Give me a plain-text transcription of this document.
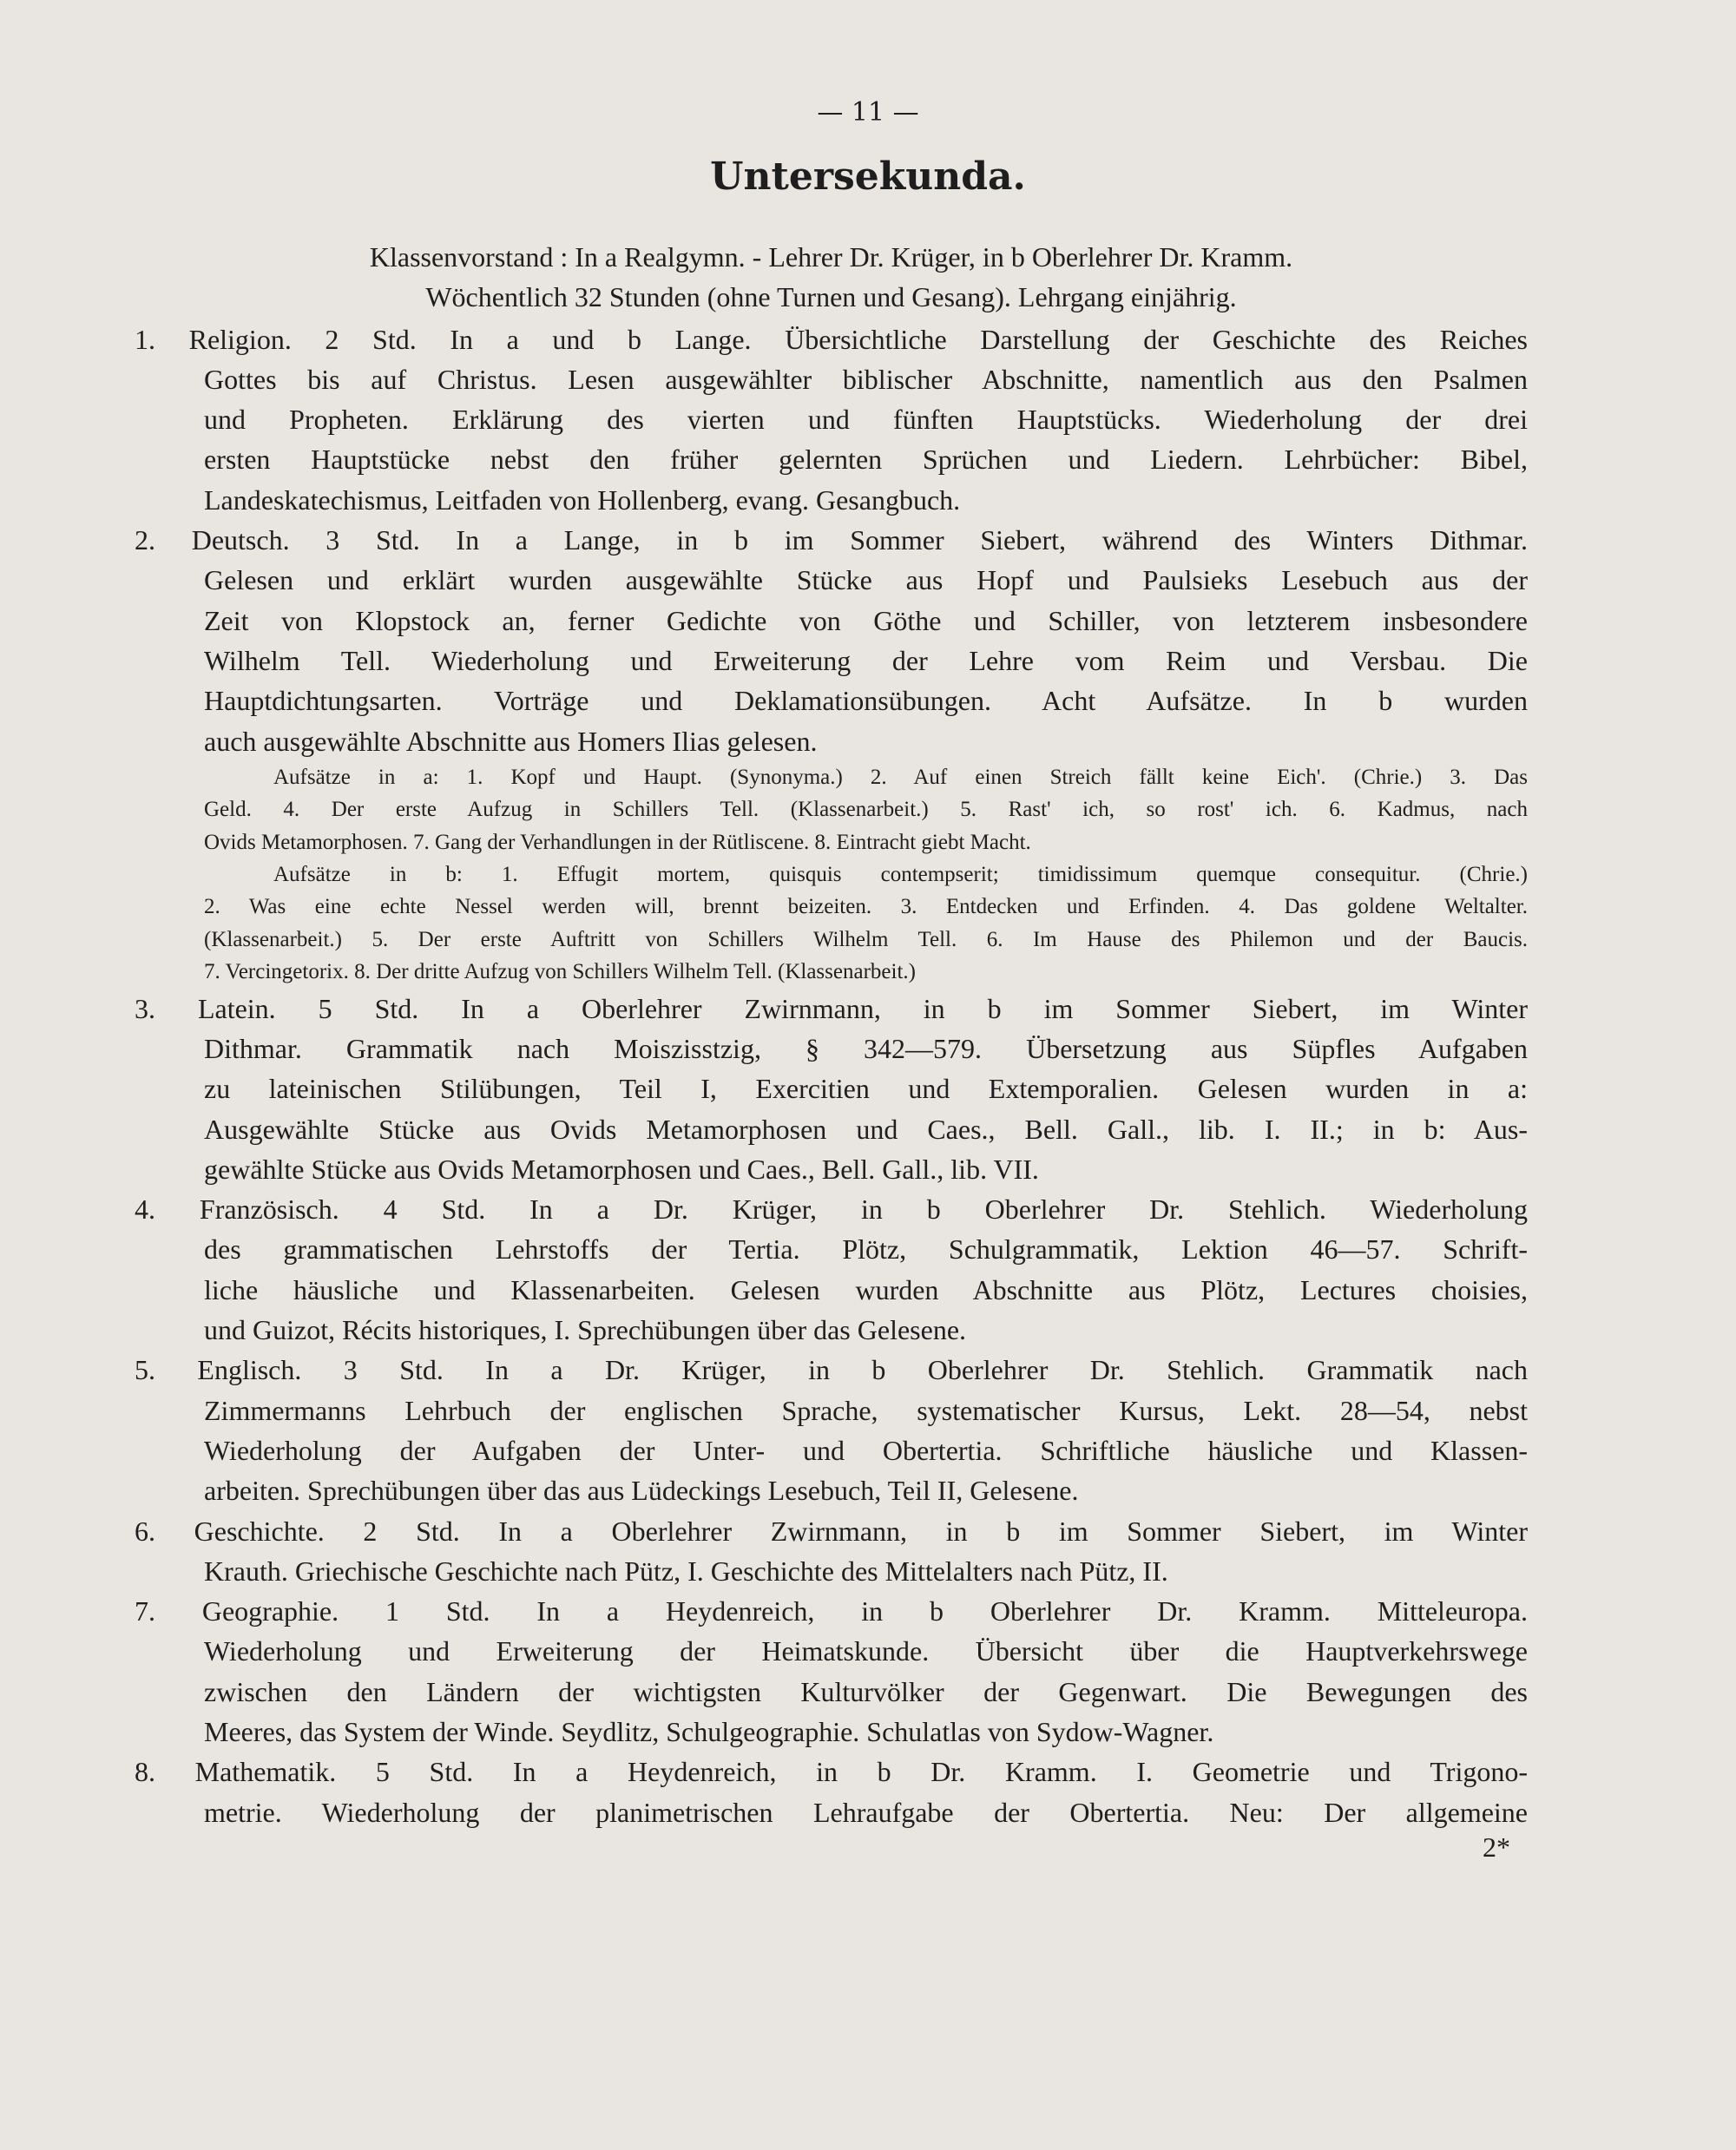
— 11 —
Untersekunda.
Klassenvorstand : In a Realgymn. - Lehrer Dr. Krüger, in b Oberlehrer Dr. Kramm.
Wöchentlich 32 Stunden (ohne Turnen und Gesang). Lehrgang einjährig.
1. Religion. 2 Std. In a und b Lange. Übersichtliche Darstellung der Geschichte des Reiches
Gottes bis auf Christus. Lesen ausgewählter biblischer Abschnitte, namentlich aus den Psalmen
und Propheten. Erklärung des vierten und fünften Hauptstücks. Wiederholung der drei
ersten Hauptstücke nebst den früher gelernten Sprüchen und Liedern. Lehrbücher: Bibel,
Landeskatechismus, Leitfaden von Hollenberg, evang. Gesangbuch.
2. Deutsch. 3 Std. In a Lange, in b im Sommer Siebert, während des Winters Dithmar.
Gelesen und erklärt wurden ausgewählte Stücke aus Hopf und Paulsieks Lesebuch aus der
Zeit von Klopstock an, ferner Gedichte von Göthe und Schiller, von letzterem insbesondere
Wilhelm Tell. Wiederholung und Erweiterung der Lehre vom Reim und Versbau. Die
Hauptdichtungsarten. Vorträge und Deklamationsübungen. Acht Aufsätze. In b wurden
auch ausgewählte Abschnitte aus Homers Ilias gelesen.
Aufsätze in a: 1. Kopf und Haupt. (Synonyma.) 2. Auf einen Streich fällt keine Eich'. (Chrie.) 3. Das
Geld. 4. Der erste Aufzug in Schillers Tell. (Klassenarbeit.) 5. Rast' ich, so rost' ich. 6. Kadmus, nach
Ovids Metamorphosen. 7. Gang der Verhandlungen in der Rütliscene. 8. Eintracht giebt Macht.
Aufsätze in b: 1. Effugit mortem, quisquis contempserit; timidissimum quemque consequitur. (Chrie.)
2. Was eine echte Nessel werden will, brennt beizeiten. 3. Entdecken und Erfinden. 4. Das goldene Weltalter.
(Klassenarbeit.) 5. Der erste Auftritt von Schillers Wilhelm Tell. 6. Im Hause des Philemon und der Baucis.
7. Vercingetorix. 8. Der dritte Aufzug von Schillers Wilhelm Tell. (Klassenarbeit.)
3. Latein. 5 Std. In a Oberlehrer Zwirnmann, in b im Sommer Siebert, im Winter
Dithmar. Grammatik nach Moiszisstzig, § 342—579. Übersetzung aus Süpfles Aufgaben
zu lateinischen Stilübungen, Teil I, Exercitien und Extemporalien. Gelesen wurden in a:
Ausgewählte Stücke aus Ovids Metamorphosen und Caes., Bell. Gall., lib. I. II.; in b: Aus-
gewählte Stücke aus Ovids Metamorphosen und Caes., Bell. Gall., lib. VII.
4. Französisch. 4 Std. In a Dr. Krüger, in b Oberlehrer Dr. Stehlich. Wiederholung
des grammatischen Lehrstoffs der Tertia. Plötz, Schulgrammatik, Lektion 46—57. Schrift-
liche häusliche und Klassenarbeiten. Gelesen wurden Abschnitte aus Plötz, Lectures choisies,
und Guizot, Récits historiques, I. Sprechübungen über das Gelesene.
5. Englisch. 3 Std. In a Dr. Krüger, in b Oberlehrer Dr. Stehlich. Grammatik nach
Zimmermanns Lehrbuch der englischen Sprache, systematischer Kursus, Lekt. 28—54, nebst
Wiederholung der Aufgaben der Unter- und Obertertia. Schriftliche häusliche und Klassen-
arbeiten. Sprechübungen über das aus Lüdeckings Lesebuch, Teil II, Gelesene.
6. Geschichte. 2 Std. In a Oberlehrer Zwirnmann, in b im Sommer Siebert, im Winter
Krauth. Griechische Geschichte nach Pütz, I. Geschichte des Mittelalters nach Pütz, II.
7. Geographie. 1 Std. In a Heydenreich, in b Oberlehrer Dr. Kramm. Mitteleuropa.
Wiederholung und Erweiterung der Heimatskunde. Übersicht über die Hauptverkehrswege
zwischen den Ländern der wichtigsten Kulturvölker der Gegenwart. Die Bewegungen des
Meeres, das System der Winde. Seydlitz, Schulgeographie. Schulatlas von Sydow-Wagner.
8. Mathematik. 5 Std. In a Heydenreich, in b Dr. Kramm. I. Geometrie und Trigono-
metrie. Wiederholung der planimetrischen Lehraufgabe der Obertertia. Neu: Der allgemeine
2*
